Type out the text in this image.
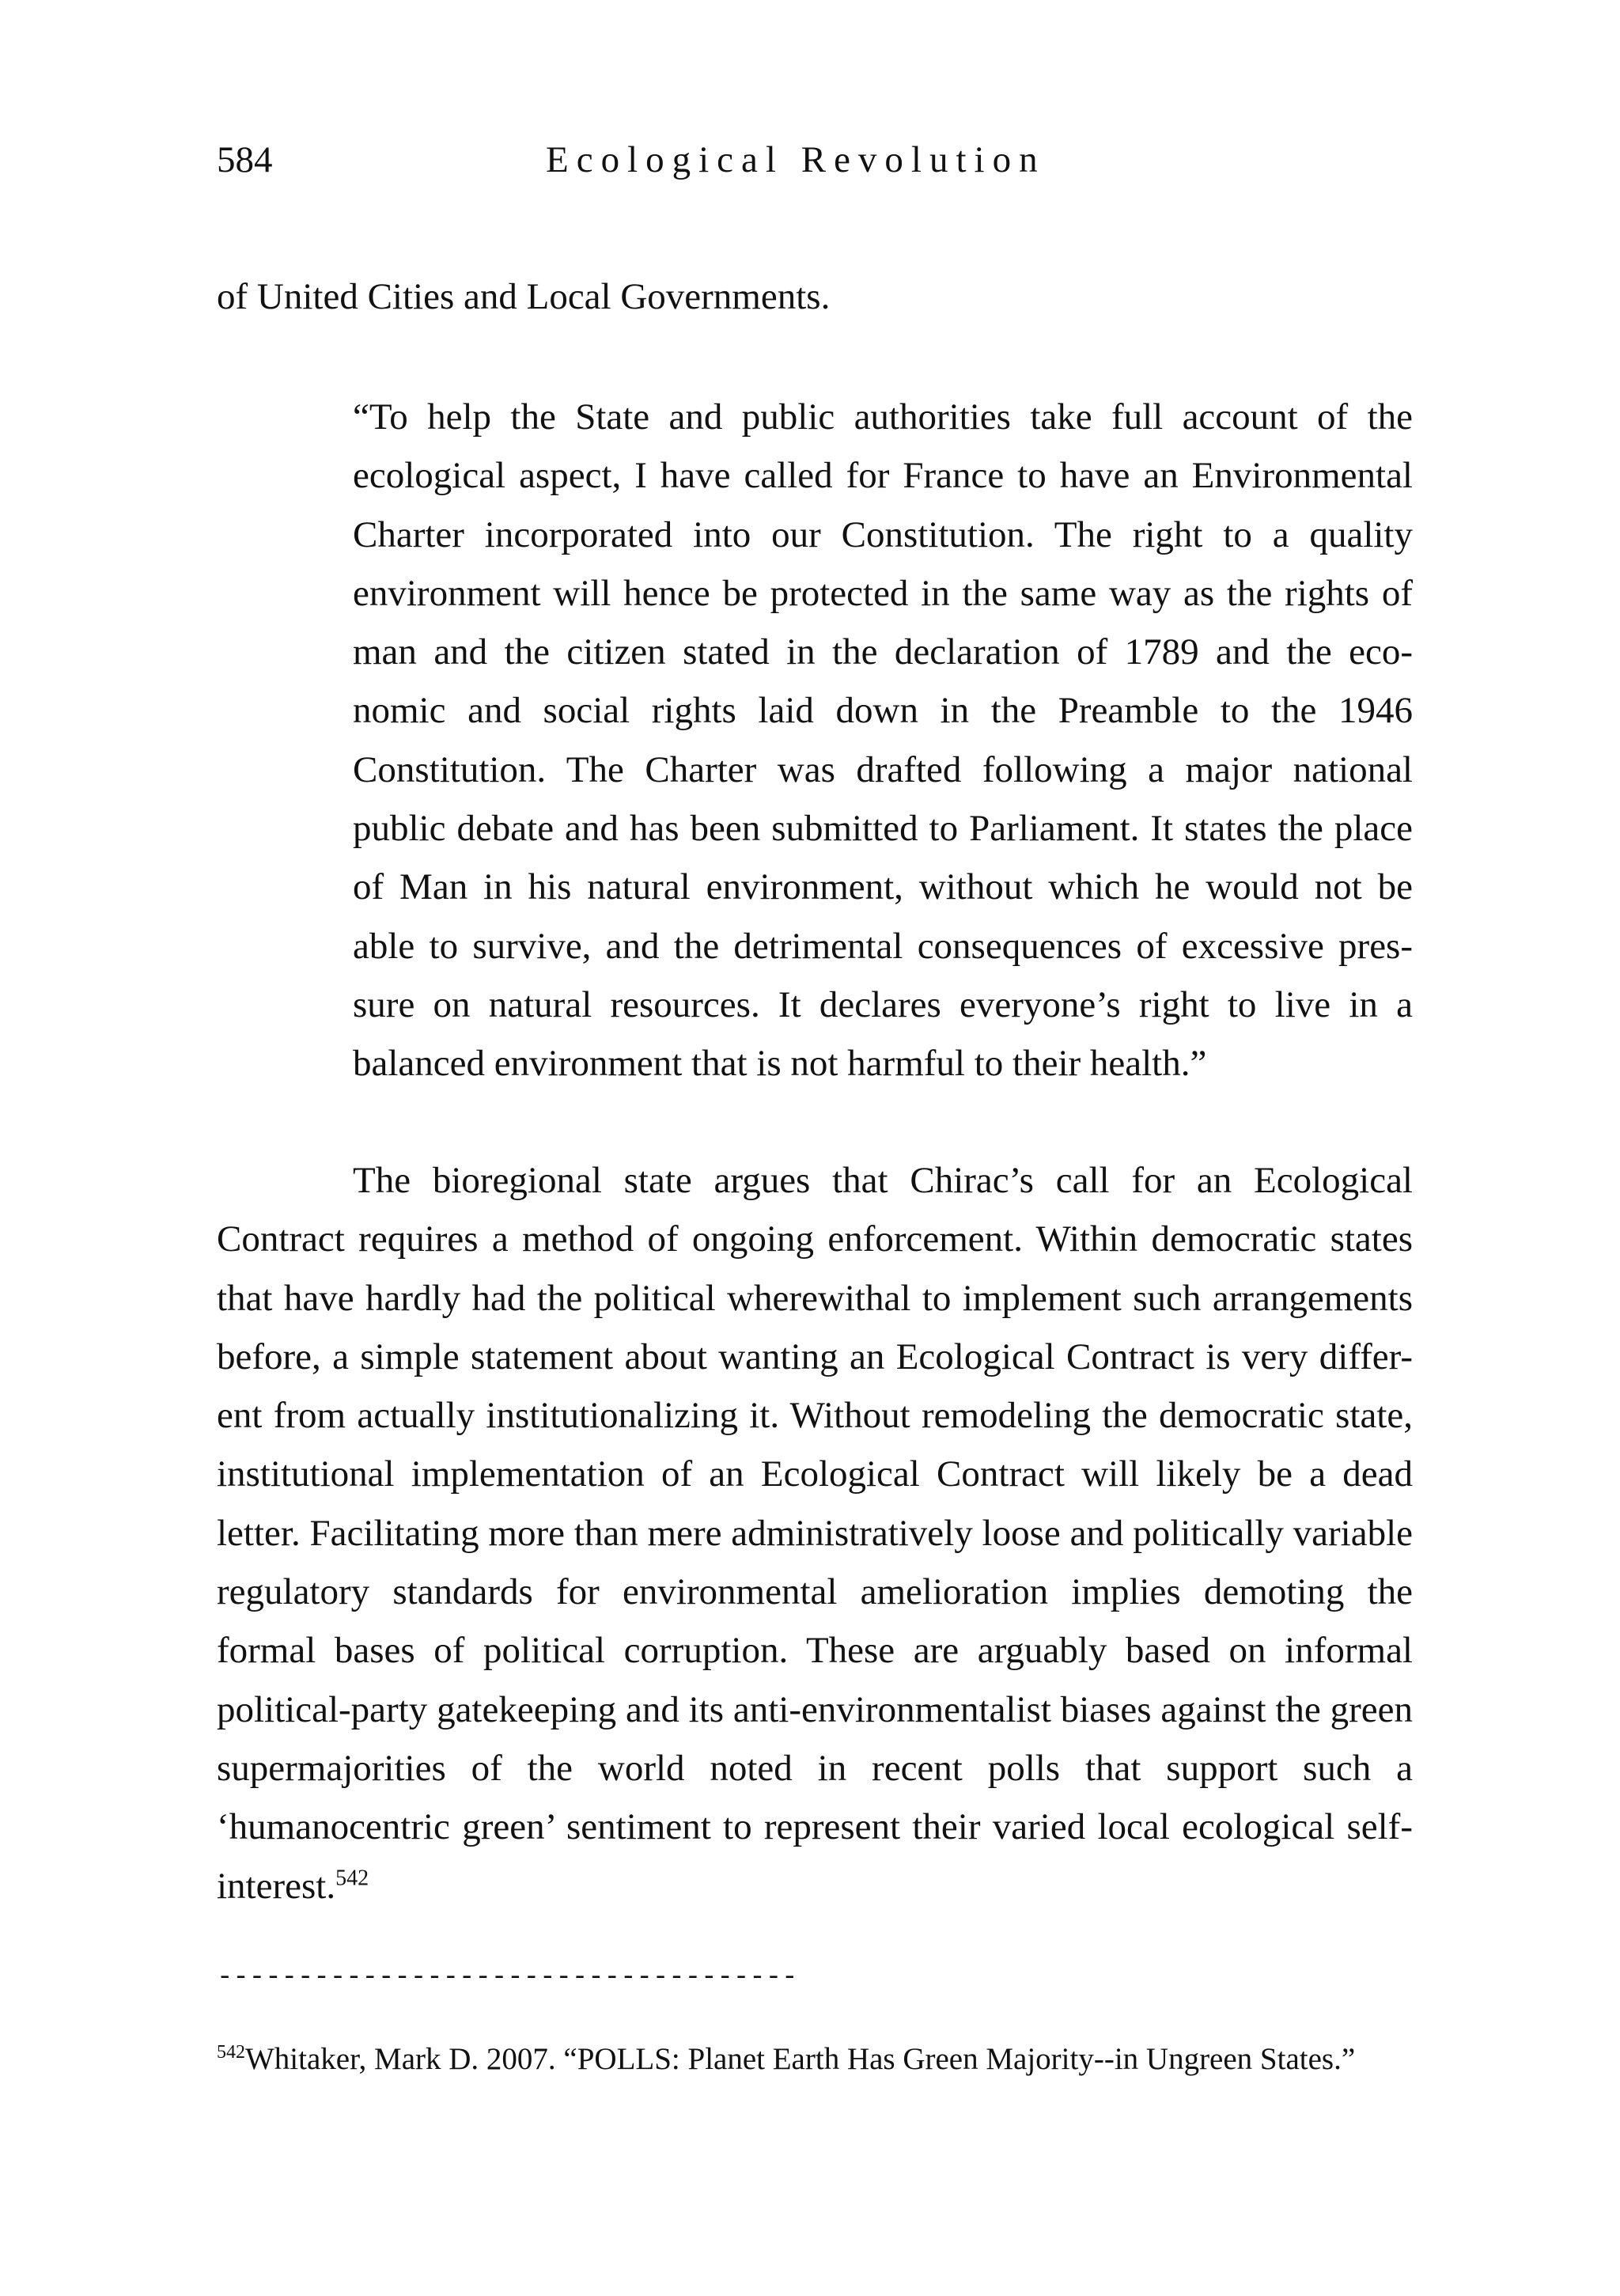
584	Ecological Revolution
of United Cities and Local Governments.

“To help the State and public authorities take full account of the ecological aspect, I have called for France to have an Environmental Charter incorporated into our Constitution. The right to a quality environment will hence be protected in the same way as the rights of man and the citizen stated in the declaration of 1789 and the eco-nomic and social rights laid down in the Preamble to the 1946 Constitution. The Charter was drafted following a major national public debate and has been submitted to Parliament. It states the place of Man in his natural environment, without which he would not be able to survive, and the detrimental consequences of excessive pres-sure on natural resources. It declares everyone’s right to live in a balanced environment that is not harmful to their health.”

The bioregional state argues that Chirac’s call for an Ecological Contract requires a method of ongoing enforcement. Within democratic states that have hardly had the political wherewithal to implement such arrangements before, a simple statement about wanting an Ecological Contract is very differ-ent from actually institutionalizing it. Without remodeling the democratic state, institutional implementation of an Ecological Contract will likely be a dead letter. Facilitating more than mere administratively loose and politically variable regulatory standards for environmental amelioration implies demoting the formal bases of political corruption. These are arguably based on informal political-party gatekeeping and its anti-environmentalist biases against the green supermajorities of the world noted in recent polls that support such a ‘humanocentric green’ sentiment to represent their varied local ecological self-interest.$^{542}$

------------------------------------
$^{542}$Whitaker, Mark D. 2007. “POLLS: Planet Earth Has Green Majority--in Ungreen States.”
